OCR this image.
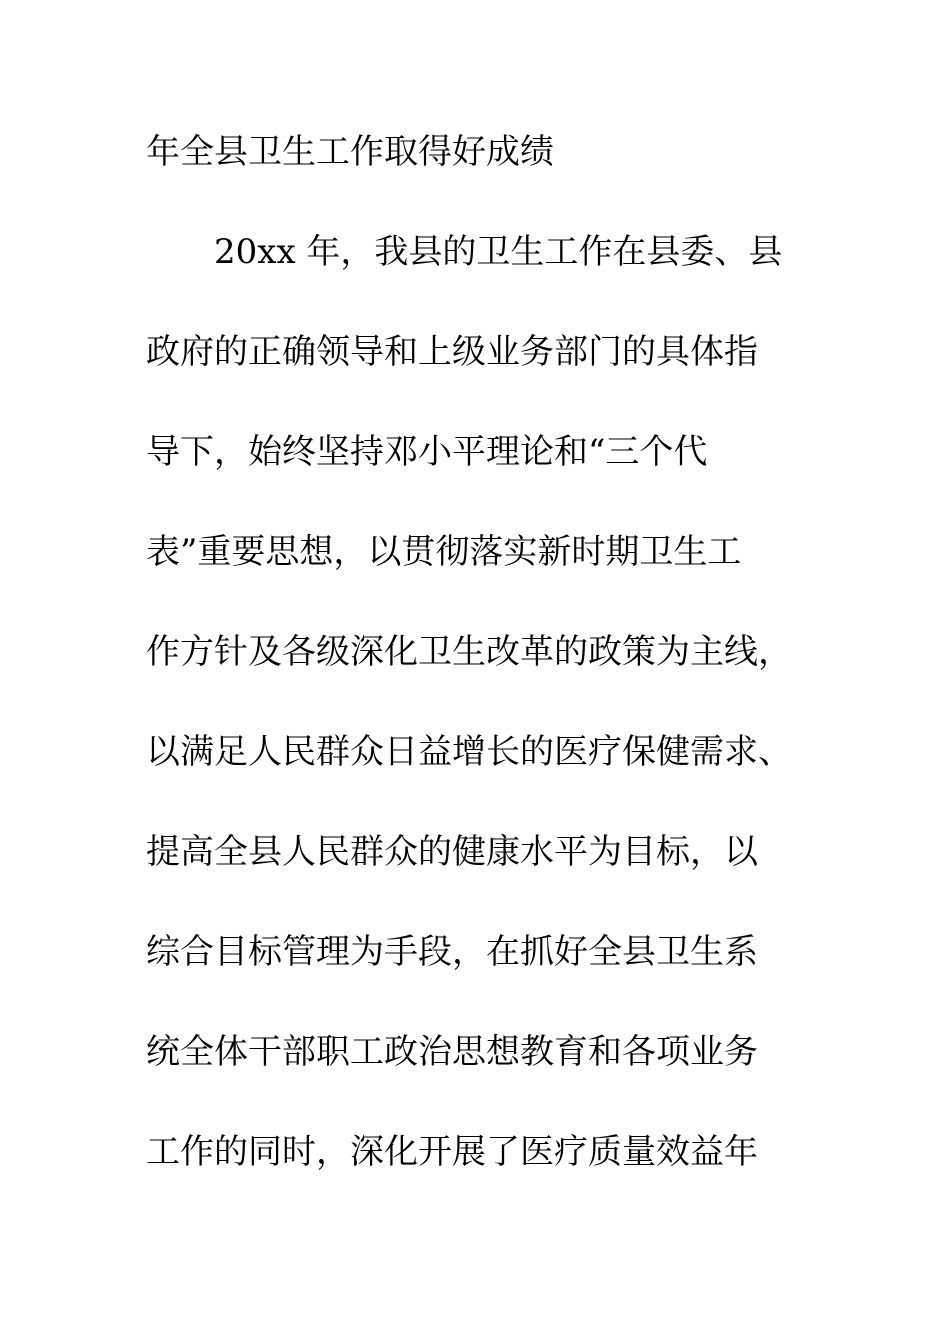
年全县卫生工作取得好成绩
20xx 年，我县的卫生工作在县委、县
政府的正确领导和上级业务部门的具体指
导下，始终坚持邓小平理论和“三个代
表”重要思想，以贯彻落实新时期卫生工
作方针及各级深化卫生改革的政策为主线，
以满足人民群众日益增长的医疗保健需求、
提高全县人民群众的健康水平为目标，以
综合目标管理为手段，在抓好全县卫生系
统全体干部职工政治思想教育和各项业务
工作的同时，深化开展了医疗质量效益年
